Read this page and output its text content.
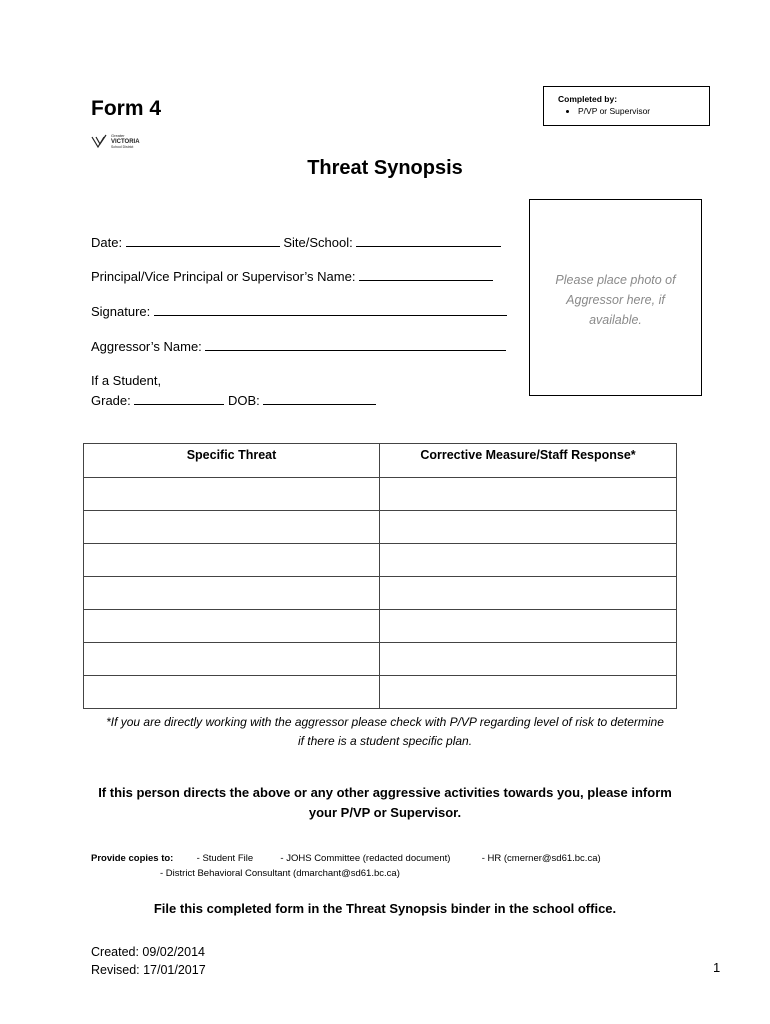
Form 4	Completed by:
• P/VP or Supervisor
Greater
VICTORIA
School District
Threat Synopsis
Date:	Site/School:
Principal/Vice Principal or Supervisor’s Name:
Signature:
Aggressor’s Name:
If a Student,
Grade:	DOB:
Please place photo of Aggressor here, if available.
Specific Threat	Corrective Measure/Staff Response*

*If you are directly working with the aggressor please check with P/VP regarding level of risk to determine if there is a student specific plan.
If this person directs the above or any other aggressive activities towards you, please inform your P/VP or Supervisor.
Provide copies to: - Student File	- JOHS Committee (redacted document)	- HR (cmerner@sd61.bc.ca)
- District Behavioral Consultant (dmarchant@sd61.bc.ca)
File this completed form in the Threat Synopsis binder in the school office.
Created: 09/02/2014
Revised: 17/01/2017	1
